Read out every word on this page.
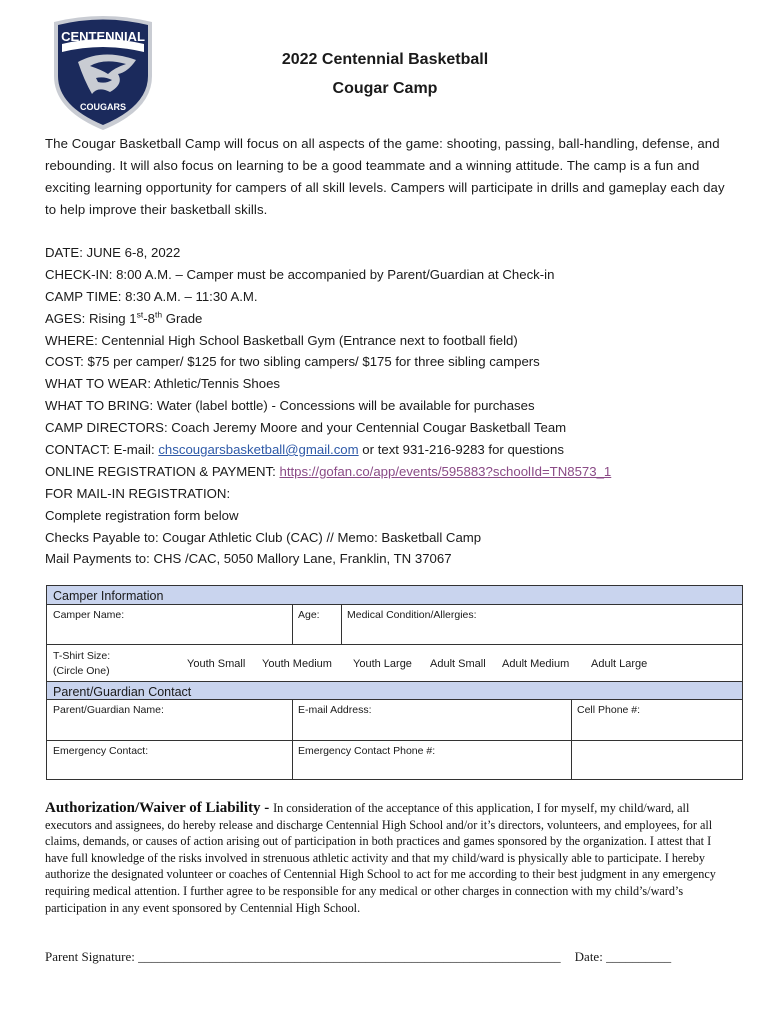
CENTENNIAL
COUGARS
2022 Centennial Basketball
Cougar Camp
The Cougar Basketball Camp will focus on all aspects of the game: shooting, passing, ball-handling, defense, and rebounding. It will also focus on learning to be a good teammate and a winning attitude. The camp is a fun and exciting learning opportunity for campers of all skill levels. Campers will participate in drills and gameplay each day to help improve their basketball skills.
DATE: JUNE 6-8, 2022
CHECK-IN: 8:00 A.M. – Camper must be accompanied by Parent/Guardian at Check-in
CAMP TIME: 8:30 A.M. – 11:30 A.M.
AGES: Rising 1st-8th Grade
WHERE: Centennial High School Basketball Gym (Entrance next to football field)
COST: $75 per camper/ $125 for two sibling campers/ $175 for three sibling campers
WHAT TO WEAR: Athletic/Tennis Shoes
WHAT TO BRING: Water (label bottle) - Concessions will be available for purchases
CAMP DIRECTORS: Coach Jeremy Moore and your Centennial Cougar Basketball Team
CONTACT: E-mail: chscougarsbasketball@gmail.com or text 931-216-9283 for questions
ONLINE REGISTRATION & PAYMENT: https://gofan.co/app/events/595883?schoolId=TN8573_1
FOR MAIL-IN REGISTRATION:
Complete registration form below
Checks Payable to: Cougar Athletic Club (CAC) // Memo: Basketball Camp
Mail Payments to: CHS /CAC, 5050 Mallory Lane, Franklin, TN 37067
Camper Information
Camper Name:	Age:	Medical Condition/Allergies:
T-Shirt Size:
(Circle One)
Youth Small Youth Medium Youth Large Adult Small Adult Medium Adult Large
Parent/Guardian Contact
Parent/Guardian Name:	E-mail Address:	Cell Phone #:
Emergency Contact:	Emergency Contact Phone #:
Authorization/Waiver of Liability - In consideration of the acceptance of this application, I for myself, my child/ward, all executors and assignees, do hereby release and discharge Centennial High School and/or it’s directors, volunteers, and employees, for all claims, demands, or causes of action arising out of participation in both practices and games sponsored by the organization. I attest that I have full knowledge of the risks involved in strenuous athletic activity and that my child/ward is physically able to participate. I hereby authorize the designated volunteer or coaches of Centennial High School to act for me according to their best judgment in any emergency requiring medical attention. I further agree to be responsible for any medical or other charges in connection with my child’s/ward’s participation in any event sponsored by Centennial High School.
Parent Signature: _________________________________________________________________ Date: __________
